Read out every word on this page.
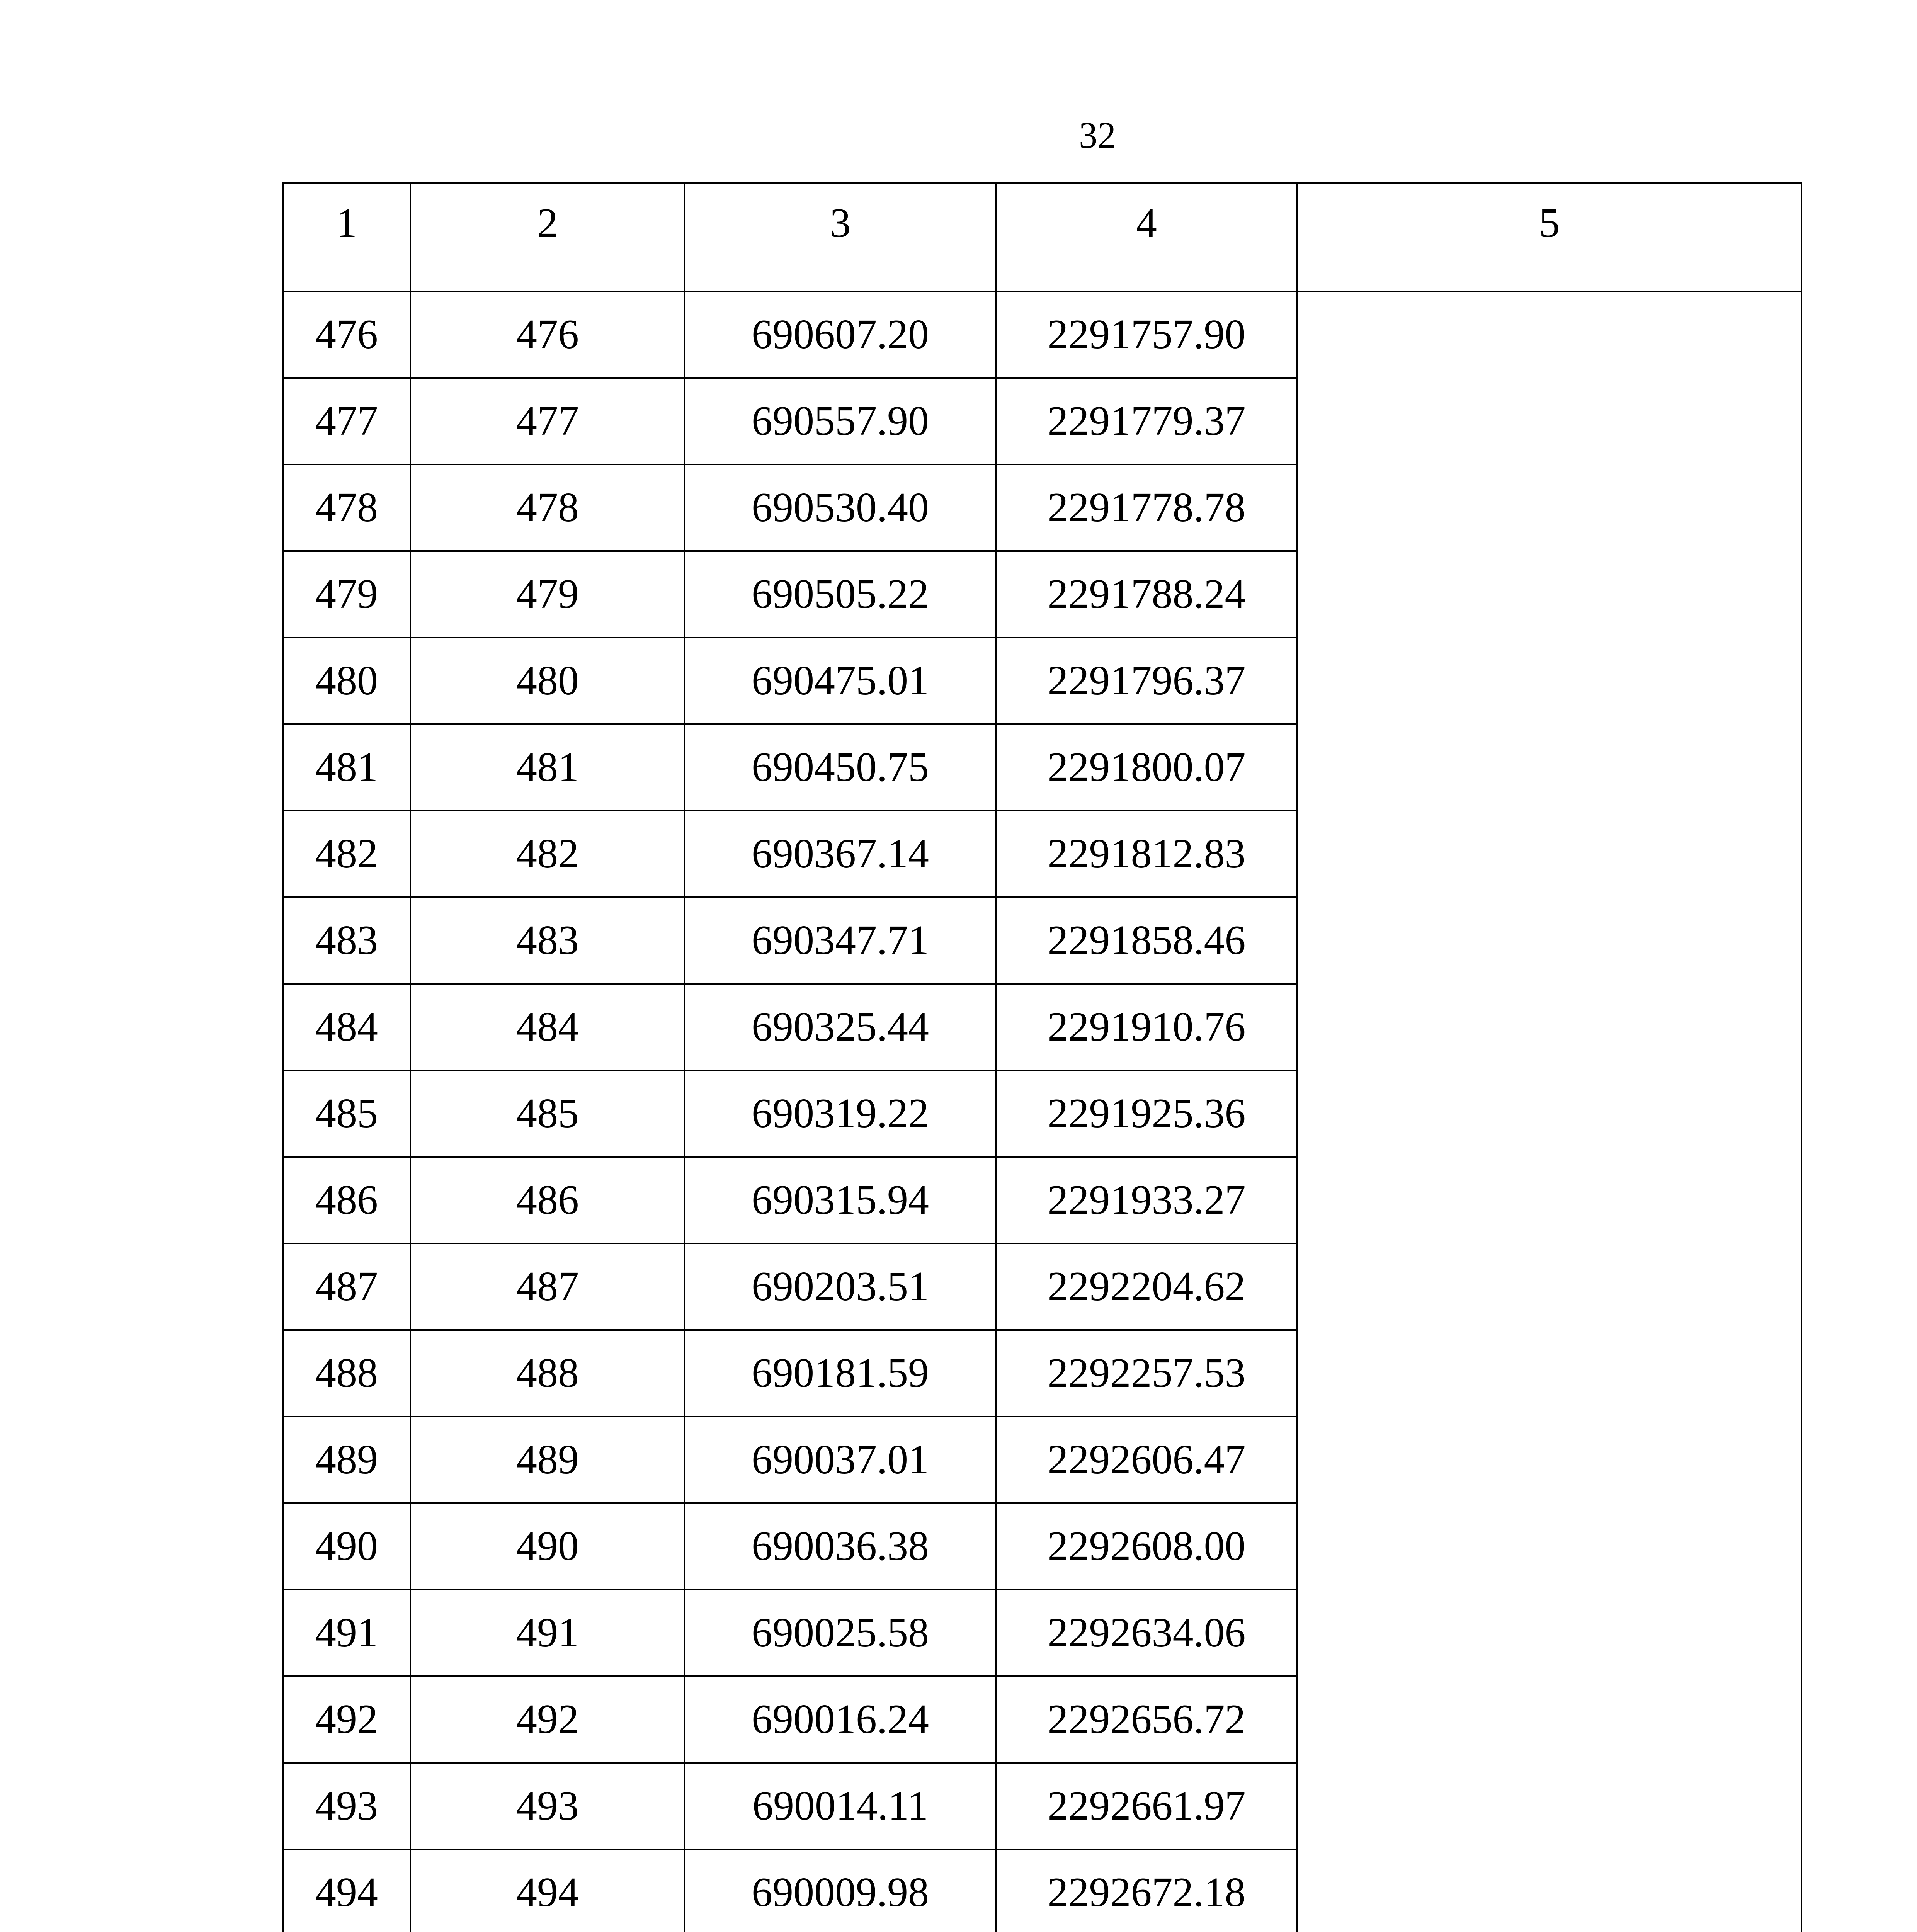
32
1	2	3	4	5
476	476	690607.20	2291757.90	
477	477	690557.90	2291779.37	
478	478	690530.40	2291778.78	
479	479	690505.22	2291788.24	
480	480	690475.01	2291796.37	
481	481	690450.75	2291800.07	
482	482	690367.14	2291812.83	
483	483	690347.71	2291858.46	
484	484	690325.44	2291910.76	
485	485	690319.22	2291925.36	
486	486	690315.94	2291933.27	
487	487	690203.51	2292204.62	
488	488	690181.59	2292257.53	
489	489	690037.01	2292606.47	
490	490	690036.38	2292608.00	
491	491	690025.58	2292634.06	
492	492	690016.24	2292656.72	
493	493	690014.11	2292661.97	
494	494	690009.98	2292672.18	
